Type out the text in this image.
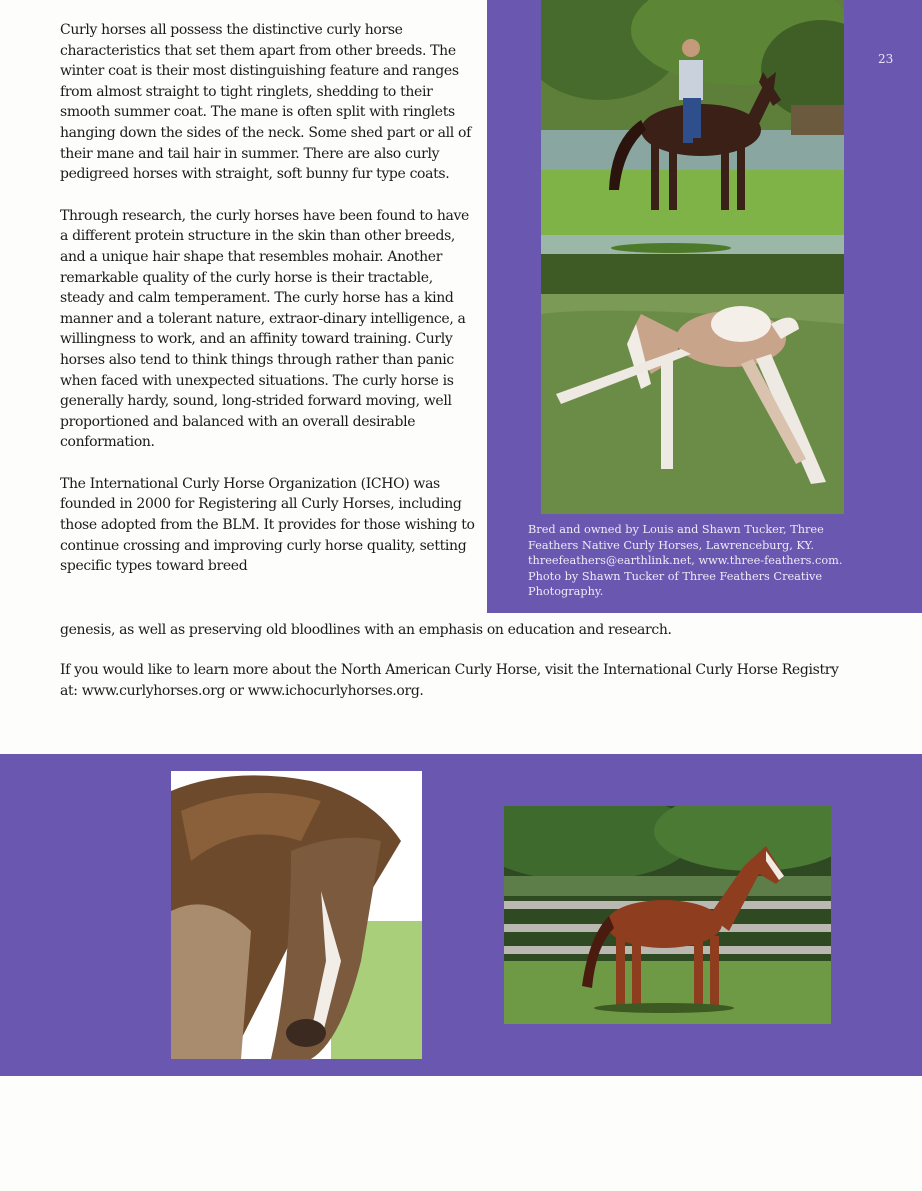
23
Bred and owned by Louis and Shawn Tucker, Three Feathers Native Curly Horses, Lawrenceburg, KY. threefeathers@earthlink.net, www.three-feathers.com. Photo by Shawn Tucker of Three Feathers Creative Photography.

Curly horses all possess the distinctive curly horse characteristics that set them apart from other breeds. The winter coat is their most distinguishing feature and ranges from almost straight to tight ringlets, shedding to their smooth summer coat. The mane is often split with ringlets hanging down the sides of the neck. Some shed part or all of their mane and tail hair in summer. There are also curly pedigreed horses with straight, soft bunny fur type coats.

Through research, the curly horses have been found to have a different protein structure in the skin than other breeds, and a unique hair shape that resembles mohair. Another remarkable quality of the curly horse is their tractable, steady and calm temperament. The curly horse has a kind manner and a tolerant nature, extraor-dinary intelligence, a willingness to work, and an affinity toward training. Curly horses also tend to think things through rather than panic when faced with unexpected situations. The curly horse is generally hardy, sound, long-strided forward moving, well proportioned and balanced with an overall desirable conformation.

The International Curly Horse Organization (ICHO) was founded in 2000 for Registering all Curly Horses, including those adopted from the BLM. It provides for those wishing to continue crossing and improving curly horse quality, setting specific types toward breed

genesis, as well as preserving old bloodlines with an emphasis on education and research.

If you would like to learn more about the North American Curly Horse, visit the International Curly Horse Registry at: www.curlyhorses.org or www.ichocurlyhorses.org.
